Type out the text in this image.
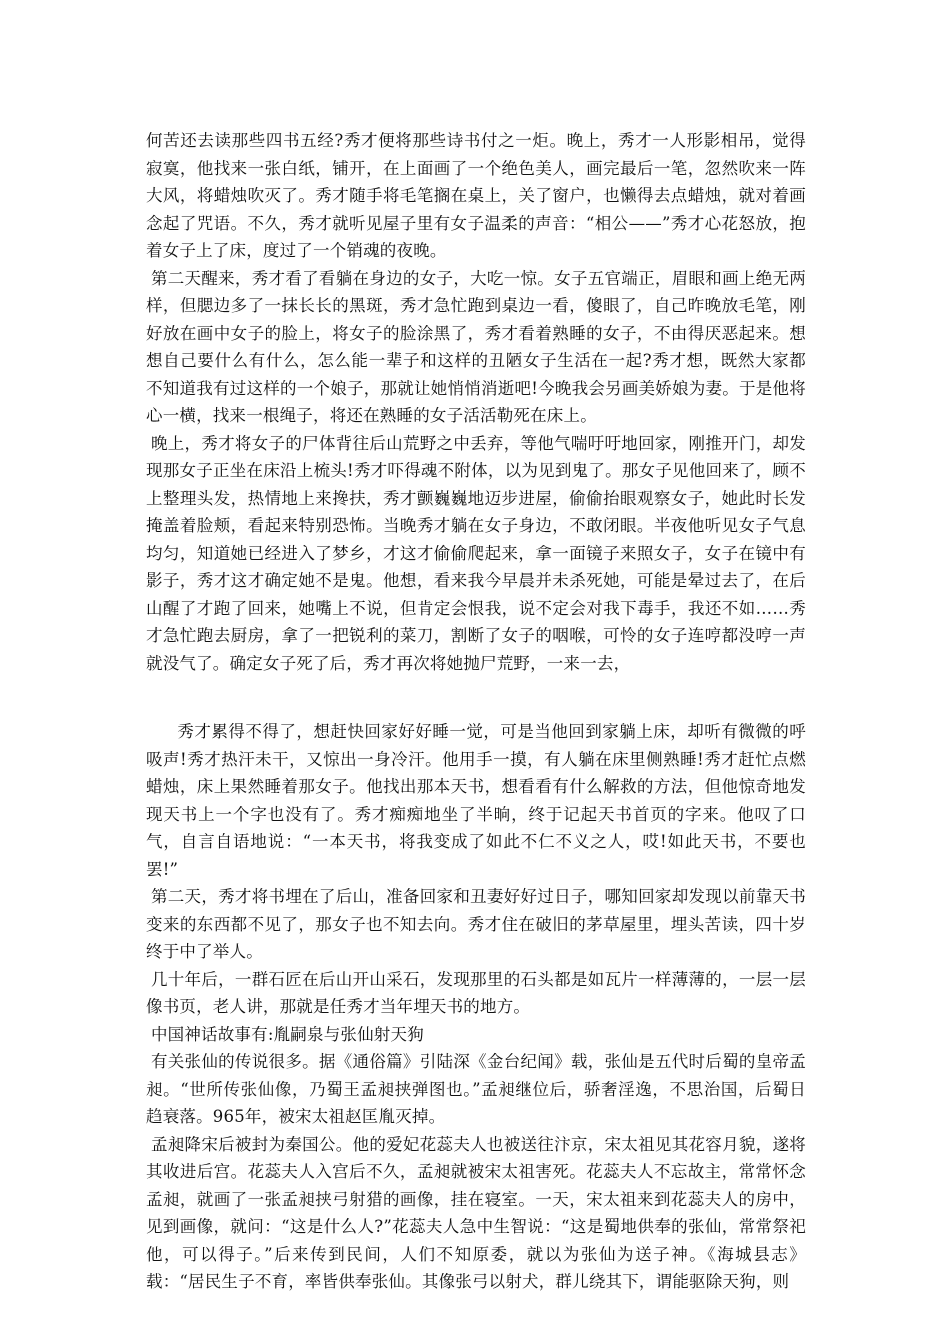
何苦还去读那些四书五经?秀才便将那些诗书付之一炬。晚上，秀才一人形影相吊，觉得寂寞，他找来一张白纸，铺开，在上面画了一个绝色美人，画完最后一笔，忽然吹来一阵大风，将蜡烛吹灭了。秀才随手将毛笔搁在桌上，关了窗户，也懒得去点蜡烛，就对着画念起了咒语。不久，秀才就听见屋子里有女子温柔的声音：“相公——”秀才心花怒放，抱着女子上了床，度过了一个销魂的夜晚。

第二天醒来，秀才看了看躺在身边的女子，大吃一惊。女子五官端正，眉眼和画上绝无两样，但腮边多了一抹长长的黑斑，秀才急忙跑到桌边一看，傻眼了，自己昨晚放毛笔，刚好放在画中女子的脸上，将女子的脸涂黑了，秀才看着熟睡的女子，不由得厌恶起来。想想自己要什么有什么，怎么能一辈子和这样的丑陋女子生活在一起?秀才想，既然大家都不知道我有过这样的一个娘子，那就让她悄悄消逝吧!今晚我会另画美娇娘为妻。于是他将心一横，找来一根绳子，将还在熟睡的女子活活勒死在床上。

晚上，秀才将女子的尸体背往后山荒野之中丢弃，等他气喘吁吁地回家，刚推开门，却发现那女子正坐在床沿上梳头!秀才吓得魂不附体，以为见到鬼了。那女子见他回来了，顾不上整理头发，热情地上来搀扶，秀才颤巍巍地迈步进屋，偷偷抬眼观察女子，她此时长发掩盖着脸颊，看起来特别恐怖。当晚秀才躺在女子身边，不敢闭眼。半夜他听见女子气息均匀，知道她已经进入了梦乡，才这才偷偷爬起来，拿一面镜子来照女子，女子在镜中有影子，秀才这才确定她不是鬼。他想，看来我今早晨并未杀死她，可能是晕过去了，在后山醒了才跑了回来，她嘴上不说，但肯定会恨我，说不定会对我下毒手，我还不如……秀才急忙跑去厨房，拿了一把锐利的菜刀，割断了女子的咽喉，可怜的女子连哼都没哼一声就没气了。确定女子死了后，秀才再次将她抛尸荒野，一来一去，

秀才累得不得了，想赶快回家好好睡一觉，可是当他回到家躺上床，却听有微微的呼吸声!秀才热汗未干，又惊出一身冷汗。他用手一摸，有人躺在床里侧熟睡!秀才赶忙点燃蜡烛，床上果然睡着那女子。他找出那本天书，想看看有什么解救的方法，但他惊奇地发现天书上一个字也没有了。秀才痴痴地坐了半晌，终于记起天书首页的字来。他叹了口气，自言自语地说：“一本天书，将我变成了如此不仁不义之人，哎!如此天书，不要也罢!”

第二天，秀才将书埋在了后山，准备回家和丑妻好好过日子，哪知回家却发现以前靠天书变来的东西都不见了，那女子也不知去向。秀才住在破旧的茅草屋里，埋头苦读，四十岁终于中了举人。

几十年后，一群石匠在后山开山采石，发现那里的石头都是如瓦片一样薄薄的，一层一层像书页，老人讲，那就是任秀才当年埋天书的地方。

中国神话故事有:胤嗣泉与张仙射天狗

有关张仙的传说很多。据《通俗篇》引陆深《金台纪闻》载，张仙是五代时后蜀的皇帝孟昶。“世所传张仙像，乃蜀王孟昶挟弹图也。”孟昶继位后，骄奢淫逸，不思治国，后蜀日趋衰落。965年，被宋太祖赵匡胤灭掉。

孟昶降宋后被封为秦国公。他的爱妃花蕊夫人也被送往汴京，宋太祖见其花容月貌，遂将其收进后宫。花蕊夫人入宫后不久，孟昶就被宋太祖害死。花蕊夫人不忘故主，常常怀念孟昶，就画了一张孟昶挟弓射猎的画像，挂在寝室。一天，宋太祖来到花蕊夫人的房中，见到画像，就问：“这是什么人?”花蕊夫人急中生智说：“这是蜀地供奉的张仙，常常祭祀他，可以得子。”后来传到民间，人们不知原委，就以为张仙为送子神。《海城县志》载：“居民生子不育，率皆供奉张仙。其像张弓以射犬，群儿绕其下，谓能驱除天狗，则
